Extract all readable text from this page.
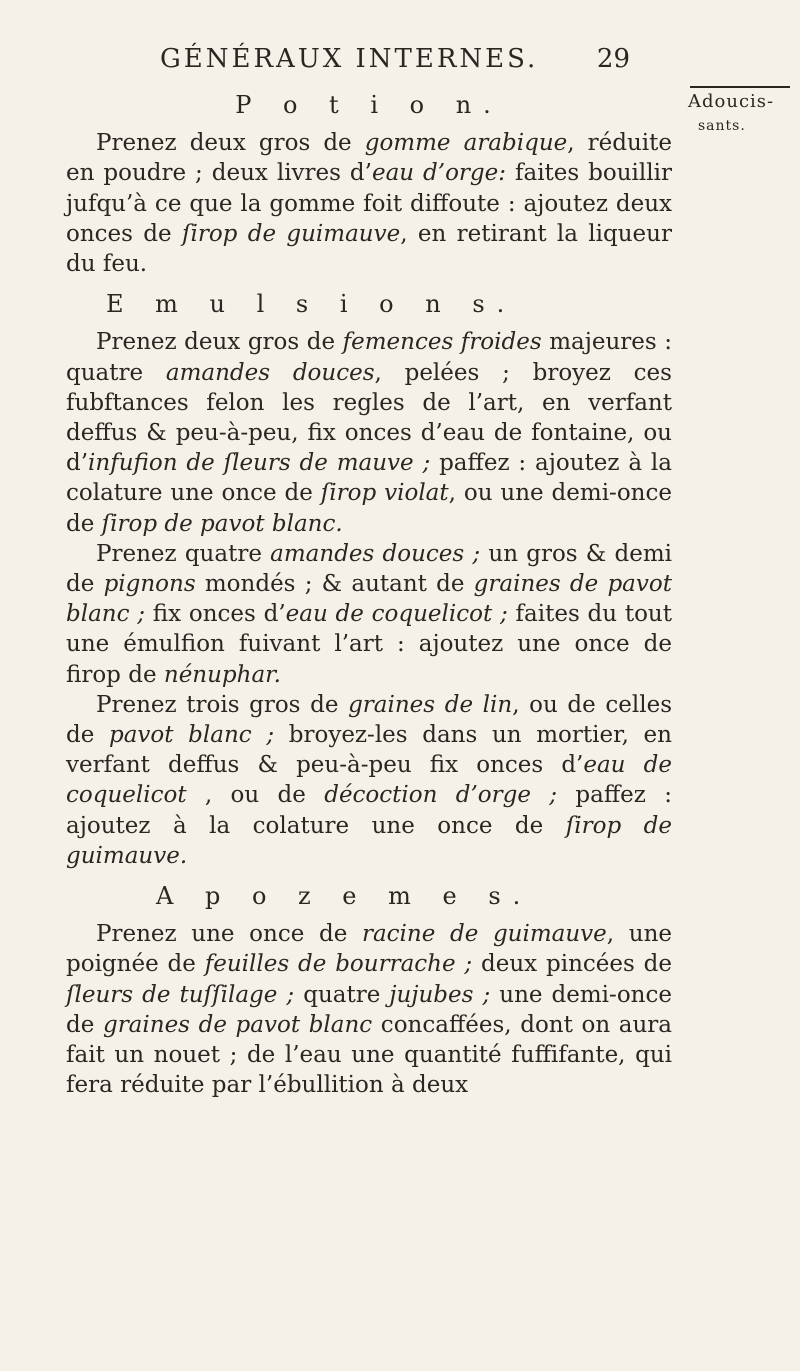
GÉNÉRAUX INTERNES. 29
Adoucis-
sants.
P o t i o n.

Prenez deux gros de gomme arabique, réduite en poudre ; deux livres d’eau d’orge: faites bouillir jufqu’à ce que la gomme foit diffoute : ajoutez deux onces de ſirop de guimauve, en retirant la liqueur du feu.

E m u l s i o n s.

Prenez deux gros de femences froides majeures : quatre amandes douces, pelées ; broyez ces fubftances felon les regles de l’art, en verfant deffus & peu-à-peu, fix onces d’eau de fontaine, ou d’infufion de ſleurs de mauve ; paffez : ajoutez à la colature une once de ſirop violat, ou une demi-once de ſirop de pavot blanc.

Prenez quatre amandes douces ; un gros & demi de pignons mondés ; & autant de graines de pavot blanc ; fix onces d’eau de coquelicot ; faites du tout une émulfion fuivant l’art : ajoutez une once de firop de nénuphar.

Prenez trois gros de graines de lin, ou de celles de pavot blanc ; broyez-les dans un mortier, en verfant deffus & peu-à-peu fix onces d’eau de coquelicot , ou de décoction d’orge ; paffez : ajoutez à la colature une once de ſirop de guimauve.

A p o z e m e s.

Prenez une once de racine de guimauve, une poignée de feuilles de bourrache ; deux pincées de ſleurs de tuſſilage ; quatre jujubes ; une demi-once de graines de pavot blanc concaffées, dont on aura fait un nouet ; de l’eau une quantité fuffifante, qui fera réduite par l’ébullition à deux
